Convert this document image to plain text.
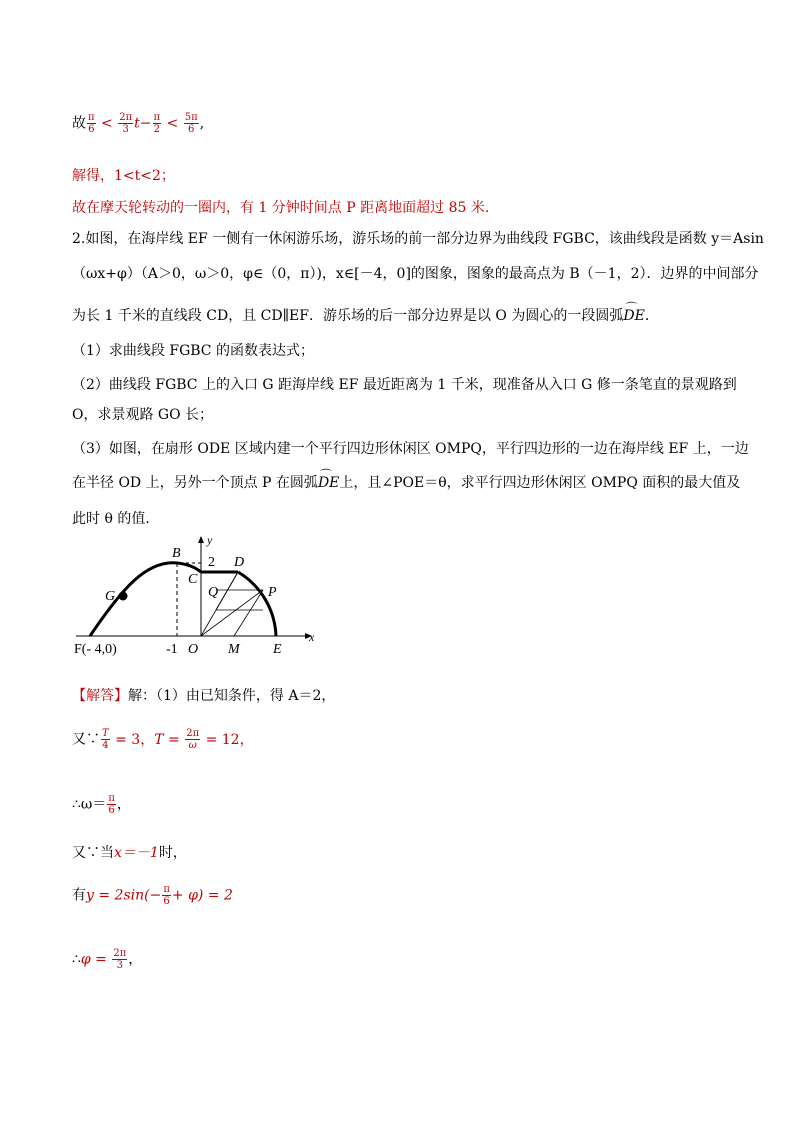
故 $\frac{\pi}{6} < \frac{2\pi}{3} t- \frac{\pi}{2} < \frac{5\pi}{6}$ ,
解得，1<t<2；
故在摩天轮转动的一圈内，有 1 分钟时间点 P 距离地面超过 85 米．
2.如图，在海岸线 EF 一侧有一休闲游乐场，游乐场的前一部分边界为曲线段 FGBC，该曲线段是函数 y＝Asin
（ωx+φ）（A＞0，ω＞0，φ∈（0，π）)，x∈[－4，0]的图象，图象的最高点为 B（－1，2）．边界的中间部分
为长 1 千米的直线段 CD，且 CD∥EF．游乐场的后一部分边界是以 O 为圆心的一段圆弧⌒ DE．
（1）求曲线段 FGBC 的函数表达式；
（2）曲线段 FGBC 上的入口 G 距海岸线 EF 最近距离为 1 千米，现准备从入口 G 修一条笔直的景观路到
O，求景观路 GO 长；
（3）如图，在扇形 ODE 区域内建一个平行四边形休闲区 OMPQ，平行四边形的一边在海岸线 EF 上，一边
在半径 OD 上，另外一个顶点 P 在圆弧⌒ DE上，且∠POE＝θ，求平行四边形休闲区 OMPQ 面积的最大值及
此时 θ 的值．
y
x
B
2 D
C
G	Q	P
F(- 4,0)	-1 O M E
【解答】解：（1）由已知条件，得 A＝2，
又∵ $\frac{T}{4} = 3$，$T = \frac{2\pi}{\omega} = 12$，
∴ω＝ $\frac{\pi}{6}$ ，
又∵当x＝－1时，
有$y = 2\sin(- \frac{\pi}{6} + \varphi) = 2$
∴φ = $\frac{2\pi}{3}$ ，
